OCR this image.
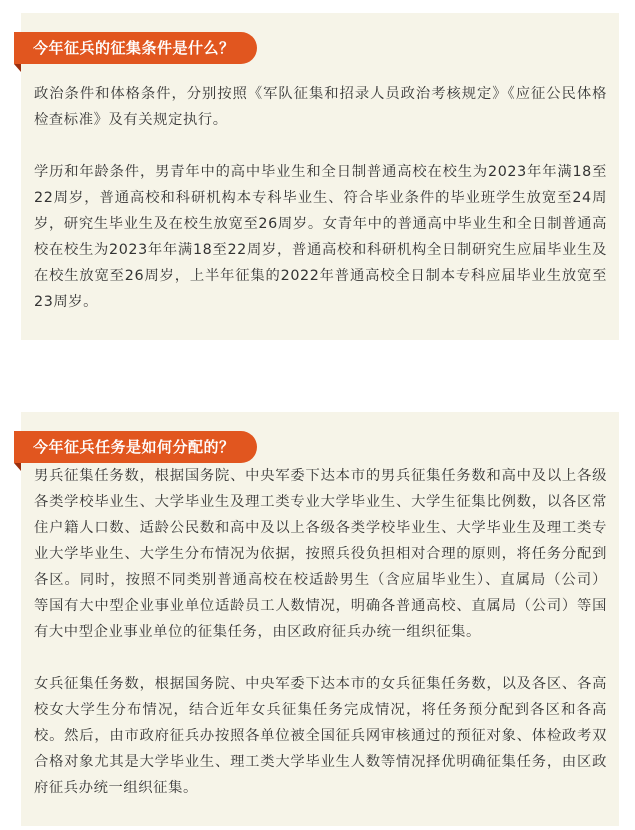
今年征兵的征集条件是什么？

政治条件和体格条件，分别按照《军队征集和招录人员政治考核规定》《应征公民体格检查标准》及有关规定执行。

学历和年龄条件，男青年中的高中毕业生和全日制普通高校在校生为2023年年满18至22周岁，普通高校和科研机构本专科毕业生、符合毕业条件的毕业班学生放宽至24周岁，研究生毕业生及在校生放宽至26周岁。女青年中的普通高中毕业生和全日制普通高校在校生为2023年年满18至22周岁，普通高校和科研机构全日制研究生应届毕业生及在校生放宽至26周岁，上半年征集的2022年普通高校全日制本专科应届毕业生放宽至23周岁。

今年征兵任务是如何分配的？

男兵征集任务数，根据国务院、中央军委下达本市的男兵征集任务数和高中及以上各级各类学校毕业生、大学毕业生及理工类专业大学毕业生、大学生征集比例数，以各区常住户籍人口数、适龄公民数和高中及以上各级各类学校毕业生、大学毕业生及理工类专业大学毕业生、大学生分布情况为依据，按照兵役负担相对合理的原则，将任务分配到各区。同时，按照不同类别普通高校在校适龄男生（含应届毕业生）、直属局（公司）等国有大中型企业事业单位适龄员工人数情况，明确各普通高校、直属局（公司）等国有大中型企业事业单位的征集任务，由区政府征兵办统一组织征集。

女兵征集任务数，根据国务院、中央军委下达本市的女兵征集任务数，以及各区、各高校女大学生分布情况，结合近年女兵征集任务完成情况，将任务预分配到各区和各高校。然后，由市政府征兵办按照各单位被全国征兵网审核通过的预征对象、体检政考双合格对象尤其是大学毕业生、理工类大学毕业生人数等情况择优明确征集任务，由区政府征兵办统一组织征集。
